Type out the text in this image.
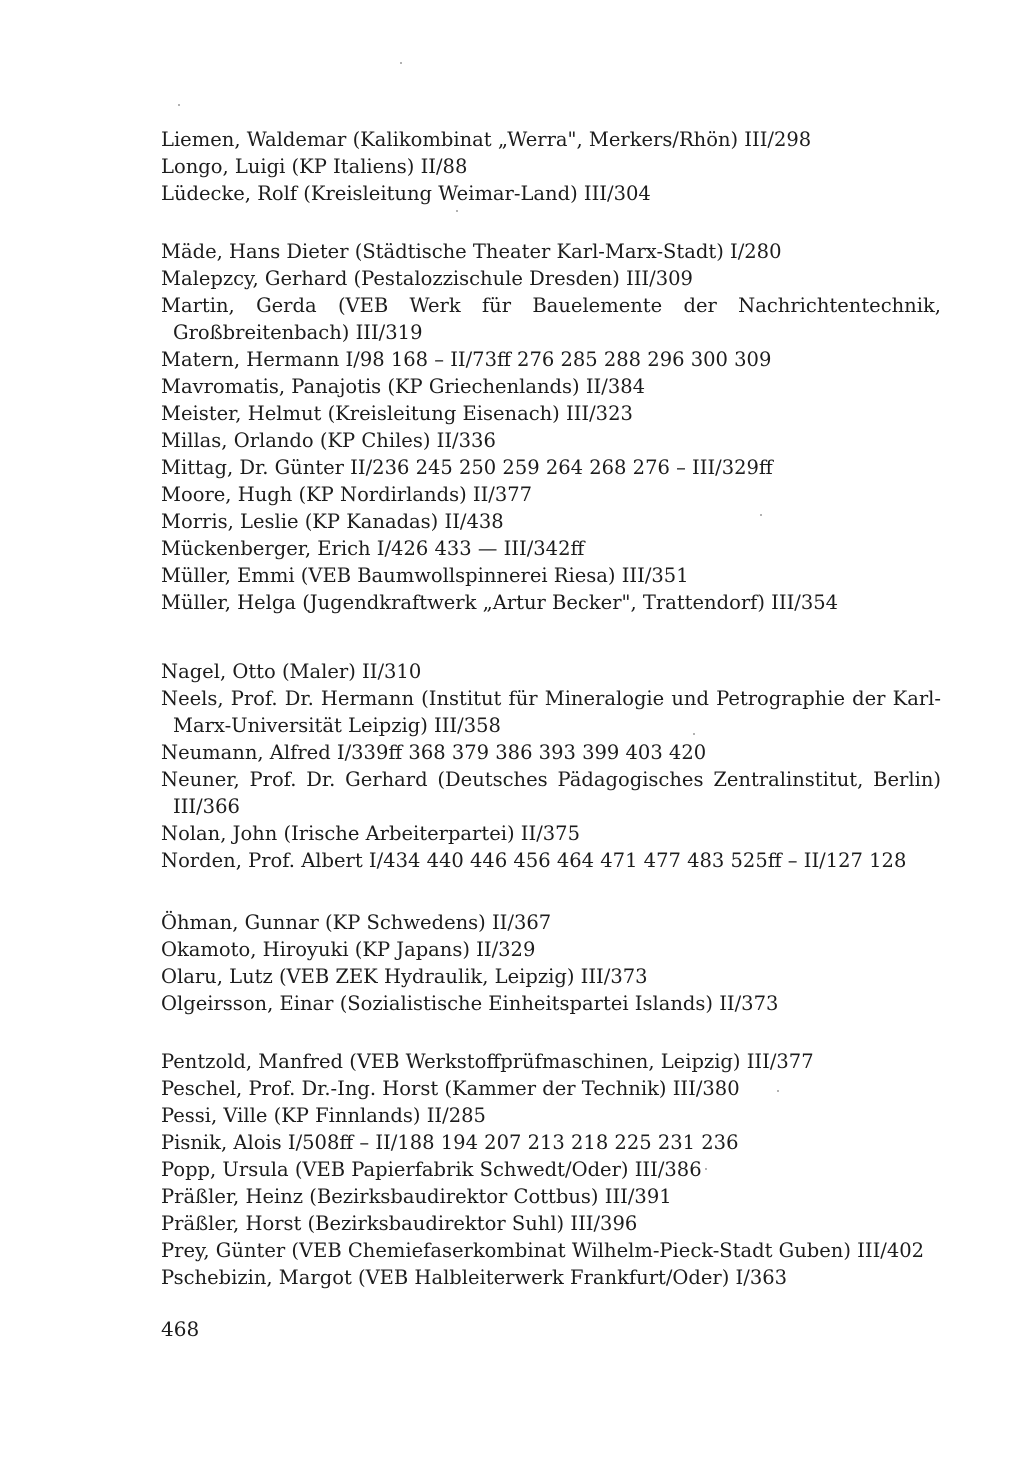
Liemen, Waldemar (Kalikombinat „Werra", Merkers/Rhön) III/298
Longo, Luigi (KP Italiens) II/88
Lüdecke, Rolf (Kreisleitung Weimar-Land) III/304
Mäde, Hans Dieter (Städtische Theater Karl-Marx-Stadt) I/280
Malepzcy, Gerhard (Pestalozzischule Dresden) III/309
Martin, Gerda (VEB Werk für Bauelemente der Nachrichtentechnik, Großbreitenbach) III/319
Matern, Hermann I/98 168 – II/73ff 276 285 288 296 300 309
Mavromatis, Panajotis (KP Griechenlands) II/384
Meister, Helmut (Kreisleitung Eisenach) III/323
Millas, Orlando (KP Chiles) II/336
Mittag, Dr. Günter II/236 245 250 259 264 268 276 – III/329ff
Moore, Hugh (KP Nordirlands) II/377
Morris, Leslie (KP Kanadas) II/438
Mückenberger, Erich I/426 433 — III/342ff
Müller, Emmi (VEB Baumwollspinnerei Riesa) III/351
Müller, Helga (Jugendkraftwerk „Artur Becker", Trattendorf) III/354
Nagel, Otto (Maler) II/310
Neels, Prof. Dr. Hermann (Institut für Mineralogie und Petrographie der Karl-Marx-Universität Leipzig) III/358
Neumann, Alfred I/339ff 368 379 386 393 399 403 420
Neuner, Prof. Dr. Gerhard (Deutsches Pädagogisches Zentralinstitut, Berlin) III/366
Nolan, John (Irische Arbeiterpartei) II/375
Norden, Prof. Albert I/434 440 446 456 464 471 477 483 525ff – II/127 128
Öhman, Gunnar (KP Schwedens) II/367
Okamoto, Hiroyuki (KP Japans) II/329
Olaru, Lutz (VEB ZEK Hydraulik, Leipzig) III/373
Olgeirsson, Einar (Sozialistische Einheitspartei Islands) II/373
Pentzold, Manfred (VEB Werkstoffprüfmaschinen, Leipzig) III/377
Peschel, Prof. Dr.-Ing. Horst (Kammer der Technik) III/380
Pessi, Ville (KP Finnlands) II/285
Pisnik, Alois I/508ff – II/188 194 207 213 218 225 231 236
Popp, Ursula (VEB Papierfabrik Schwedt/Oder) III/386
Präßler, Heinz (Bezirksbaudirektor Cottbus) III/391
Präßler, Horst (Bezirksbaudirektor Suhl) III/396
Prey, Günter (VEB Chemiefaserkombinat Wilhelm-Pieck-Stadt Guben) III/402
Pschebizin, Margot (VEB Halbleiterwerk Frankfurt/Oder) I/363
468
